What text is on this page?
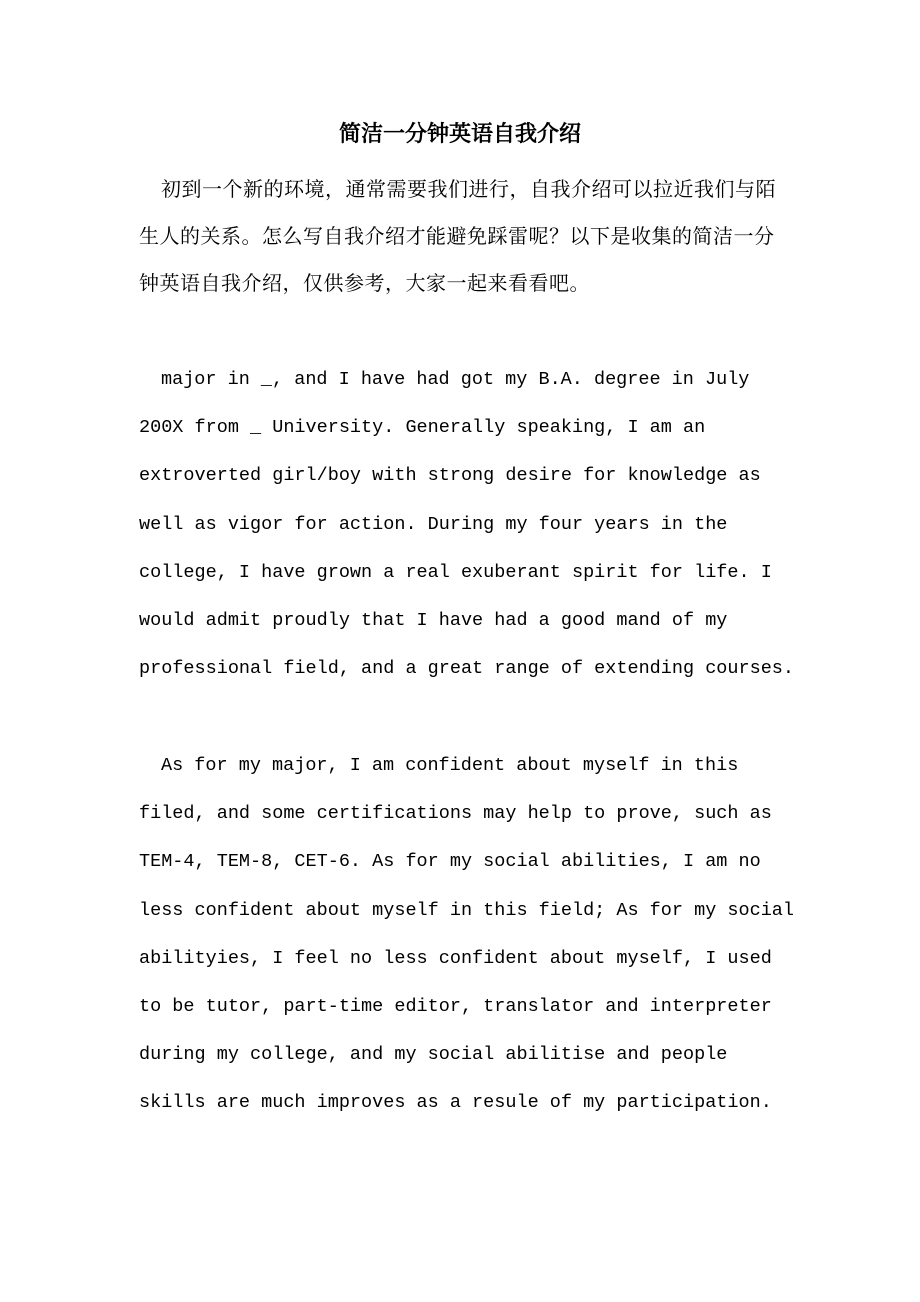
简洁一分钟英语自我介绍

初到一个新的环境，通常需要我们进行，自我介绍可以拉近我们与陌生人的关系。怎么写自我介绍才能避免踩雷呢？以下是收集的简洁一分钟英语自我介绍，仅供参考，大家一起来看看吧。

major in _, and I have had got my B.A. degree in July 200X from _ University. Generally speaking, I am an extroverted girl/boy with strong desire for knowledge as well as vigor for action. During my four years in the college, I have grown a real exuberant spirit for life. I would admit proudly that I have had a good mand of my professional field, and a great range of extending courses.

As for my major, I am confident about myself in this filed, and some certifications may help to prove, such as TEM-4, TEM-8, CET-6. As for my social abilities, I am no less confident about myself in this field; As for my social abilityies, I feel no less confident about myself, I used to be tutor, part-time editor, translator and interpreter during my college, and my social abilitise and people skills are much improves as a resule of my participation.
